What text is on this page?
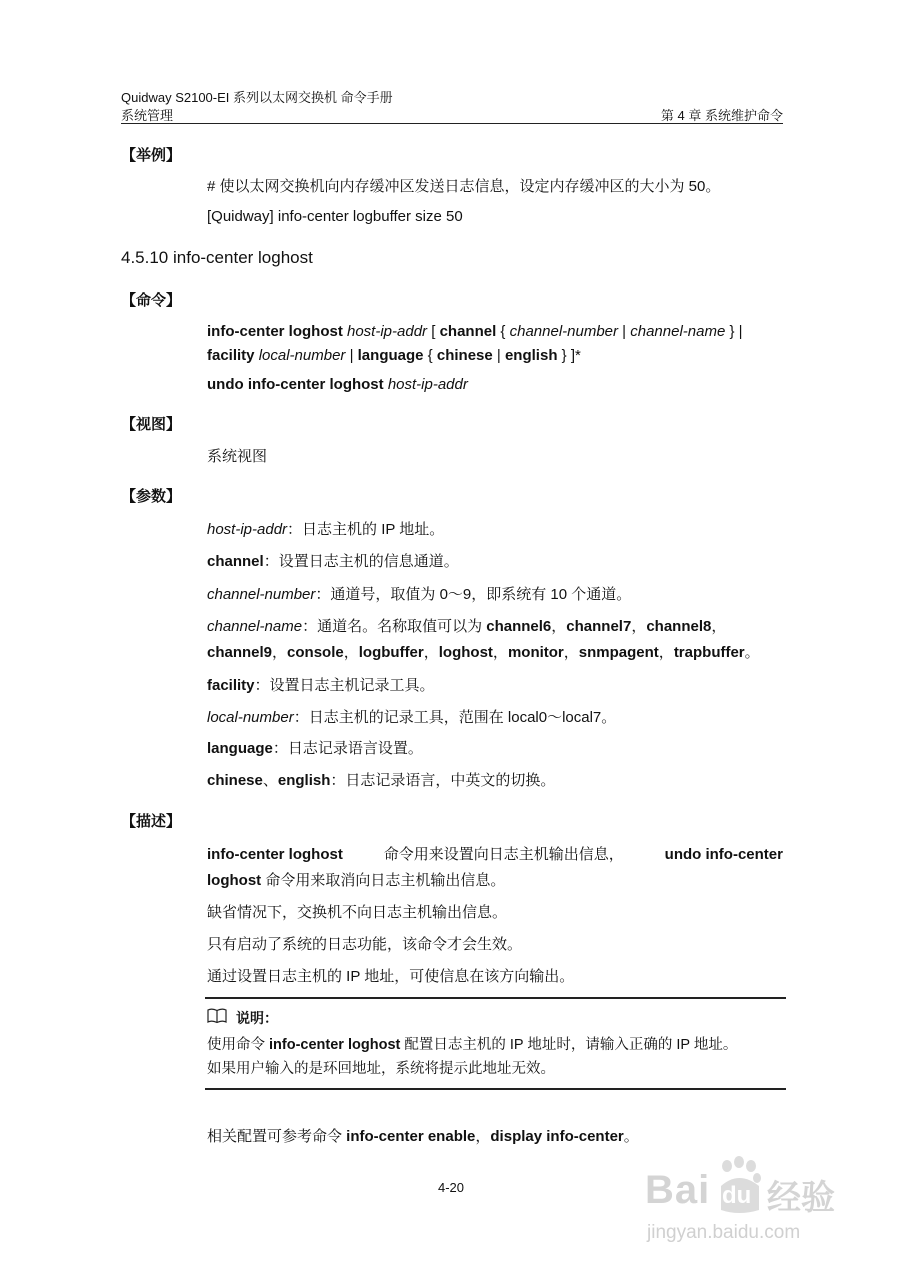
Quidway S2100-EI 系列以太网交换机 命令手册
系统管理	第 4 章 系统维护命令
【举例】
# 使以太网交换机向内存缓冲区发送日志信息，设定内存缓冲区的大小为 50。
[Quidway] info-center logbuffer size 50
4.5.10 info-center loghost
【命令】
info-center loghost host-ip-addr [ channel { channel-number | channel-name } |
facility local-number | language { chinese | english } ]*
undo info-center loghost host-ip-addr
【视图】
系统视图
【参数】
host-ip-addr：日志主机的 IP 地址。
channel：设置日志主机的信息通道。
channel-number：通道号，取值为 0～9，即系统有 10 个通道。
channel-name：通道名。名称取值可以为 channel6，channel7，channel8，
channel9，console，logbuffer，loghost，monitor，snmpagent，trapbuffer。
facility：设置日志主机记录工具。
local-number：日志主机的记录工具，范围在 local0～local7。
language：日志记录语言设置。
chinese、english：日志记录语言，中英文的切换。
【描述】
info-center loghost	命令用来设置向日志主机输出信息，	undo info-center
loghost 命令用来取消向日志主机输出信息。
缺省情况下，交换机不向日志主机输出信息。
只有启动了系统的日志功能，该命令才会生效。
通过设置日志主机的 IP 地址，可使信息在该方向输出。
说明：
使用命令 info-center loghost 配置日志主机的 IP 地址时，请输入正确的 IP 地址。
如果用户输入的是环回地址，系统将提示此地址无效。
相关配置可参考命令 info-center enable，display info-center。
4-20	Bai du 经验
jingyan.baidu.com
